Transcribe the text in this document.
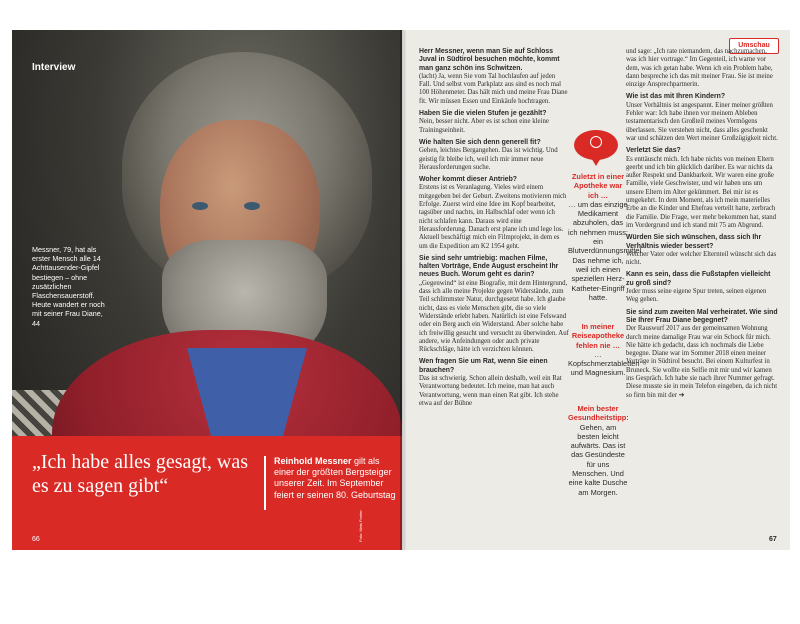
Interview
Messner, 79, hat als erster Mensch alle 14 Achttausender-Gipfel bestiegen – ohne zusätzlichen Flaschensauerstoff. Heute wandert er noch mit seiner Frau Diane, 44
„Ich habe alles gesagt, was es zu sagen gibt“
Reinhold Messner gilt als einer der größten Bergsteiger unserer Zeit. Im September feiert er seinen 80. Geburtstag
66	Foto: Mats Ponter
Umschau

Herr Messner, wenn man Sie auf Schloss Juval in Südtirol besuchen möchte, kommt man ganz schön ins Schwitzen.
(lacht) Ja, wenn Sie vom Tal hochlaufen auf jeden Fall. Und selbst vom Parkplatz aus sind es noch mal 100 Höhenmeter. Das hält mich und meine Frau Diane fit. Wir müssen Essen und Einkäufe hochtragen.

Haben Sie die vielen Stufen je gezählt?
Nein, besser nicht. Aber es ist schon eine kleine Trainingseinheit.

Wie halten Sie sich denn generell fit?
Gehen, leichtes Bergangehen. Das ist wichtig. Und geistig fit bleibe ich, weil ich mir immer neue Herausforderungen suche.

Woher kommt dieser Antrieb?
Erstens ist es Veranlagung. Vieles wird einem mitgegeben bei der Geburt. Zweitens motivieren mich Erfolge. Zuerst wird eine Idee im Kopf bearbeitet, tagsüber und nachts, im Halbschlaf oder wenn ich nicht schlafen kann. Daraus wird eine Herausforderung. Danach erst plane ich und lege los. Aktuell beschäftigt mich ein Filmprojekt, in dem es um die Expedition am K2 1954 geht.

Sie sind sehr umtriebig: machen Filme, halten Vorträge, Ende August erscheint Ihr neues Buch. Worum geht es darin?
„Gegenwind“ ist eine Biografie, mit dem Hintergrund, dass ich alle meine Projekte gegen Widerstände, zum Teil schlimmster Natur, durchgesetzt habe. Ich glaube nicht, dass es viele Menschen gibt, die so viele Widerstände erlebt haben. Natürlich ist eine Felswand oder ein Berg auch ein Widerstand. Aber solche habe ich freiwillig gesucht und versucht zu überwinden. Auf andere, wie Anfeindungen oder auch private Rückschläge, hätte ich verzichten können.

Wen fragen Sie um Rat, wenn Sie einen brauchen?
Das ist schwierig. Schon allein deshalb, weil ein Rat Verantwortung bedeutet. Ich meine, man hat auch Verantwortung, wenn man einen Rat gibt. Ich stehe etwa auf der Bühne

Zuletzt in einer Apotheke war ich …
… um das einzige Medikament abzuholen, das ich nehmen muss: ein Blutverdünnungsmittel. Das nehme ich, weil ich einen speziellen Herz-Katheter-Eingriff hatte.
In meiner Reiseapotheke fehlen nie …
… Kopfschmerztabletten und Magnesium.
Mein bester Gesundheitstipp:
Gehen, am besten leicht aufwärts. Das ist das Gesündeste für uns Menschen. Und eine kalte Dusche am Morgen.

und sage: „Ich rate niemandem, das nachzumachen, was ich hier vortrage.“ Im Gegenteil, ich warne vor dem, was ich getan habe. Wenn ich ein Problem habe, dann bespreche ich das mit meiner Frau. Sie ist meine einzige Ansprechpartnerin.

Wie ist das mit Ihren Kindern?
Unser Verhältnis ist angespannt. Einer meiner größten Fehler war: Ich habe ihnen vor meinem Ableben testamentarisch den Großteil meines Vermögens überlassen. Sie verstehen nicht, dass alles geschenkt war und schätzen den Wert meiner Großzügigkeit nicht.

Verletzt Sie das?
Es enttäuscht mich. Ich habe nichts von meinen Eltern geerbt und ich bin glücklich darüber. Es war nichts da außer Respekt und Dankbarkeit. Wir waren eine große Familie, viele Geschwister, und wir haben uns um unsere Eltern im Alter gekümmert. Bei mir ist es umgekehrt. In dem Moment, als ich mein materielles Erbe an die Kinder und Ehefrau verteilt hatte, zerbrach die Familie. Die Frage, wer mehr bekommen hat, stand im Vordergrund und ich stand mit 75 am Abgrund.

Würden Sie sich wünschen, dass sich Ihr Verhältnis wieder bessert?
Welcher Vater oder welcher Elternteil wünscht sich das nicht.

Kann es sein, dass die Fußstapfen vielleicht zu groß sind?
Jeder muss seine eigene Spur treten, seinen eigenen Weg gehen.

Sie sind zum zweiten Mal verheiratet. Wie sind Sie Ihrer Frau Diane begegnet?
Der Rauswurf 2017 aus der gemeinsamen Wohnung durch meine damalige Frau war ein Schock für mich. Nie hätte ich gedacht, dass ich nochmals die Liebe begegne. Diane war im Sommer 2018 einen meiner Vorträge in Südtirol besucht. Bei einem Kulturfest in Bruneck. Sie wollte ein Selfie mit mir und wir kamen ins Gespräch. Ich habe sie nach ihrer Nummer gefragt. Diese musste sie in mein Telefon eingeben, da ich nicht so firm bin mit der ➔

67
